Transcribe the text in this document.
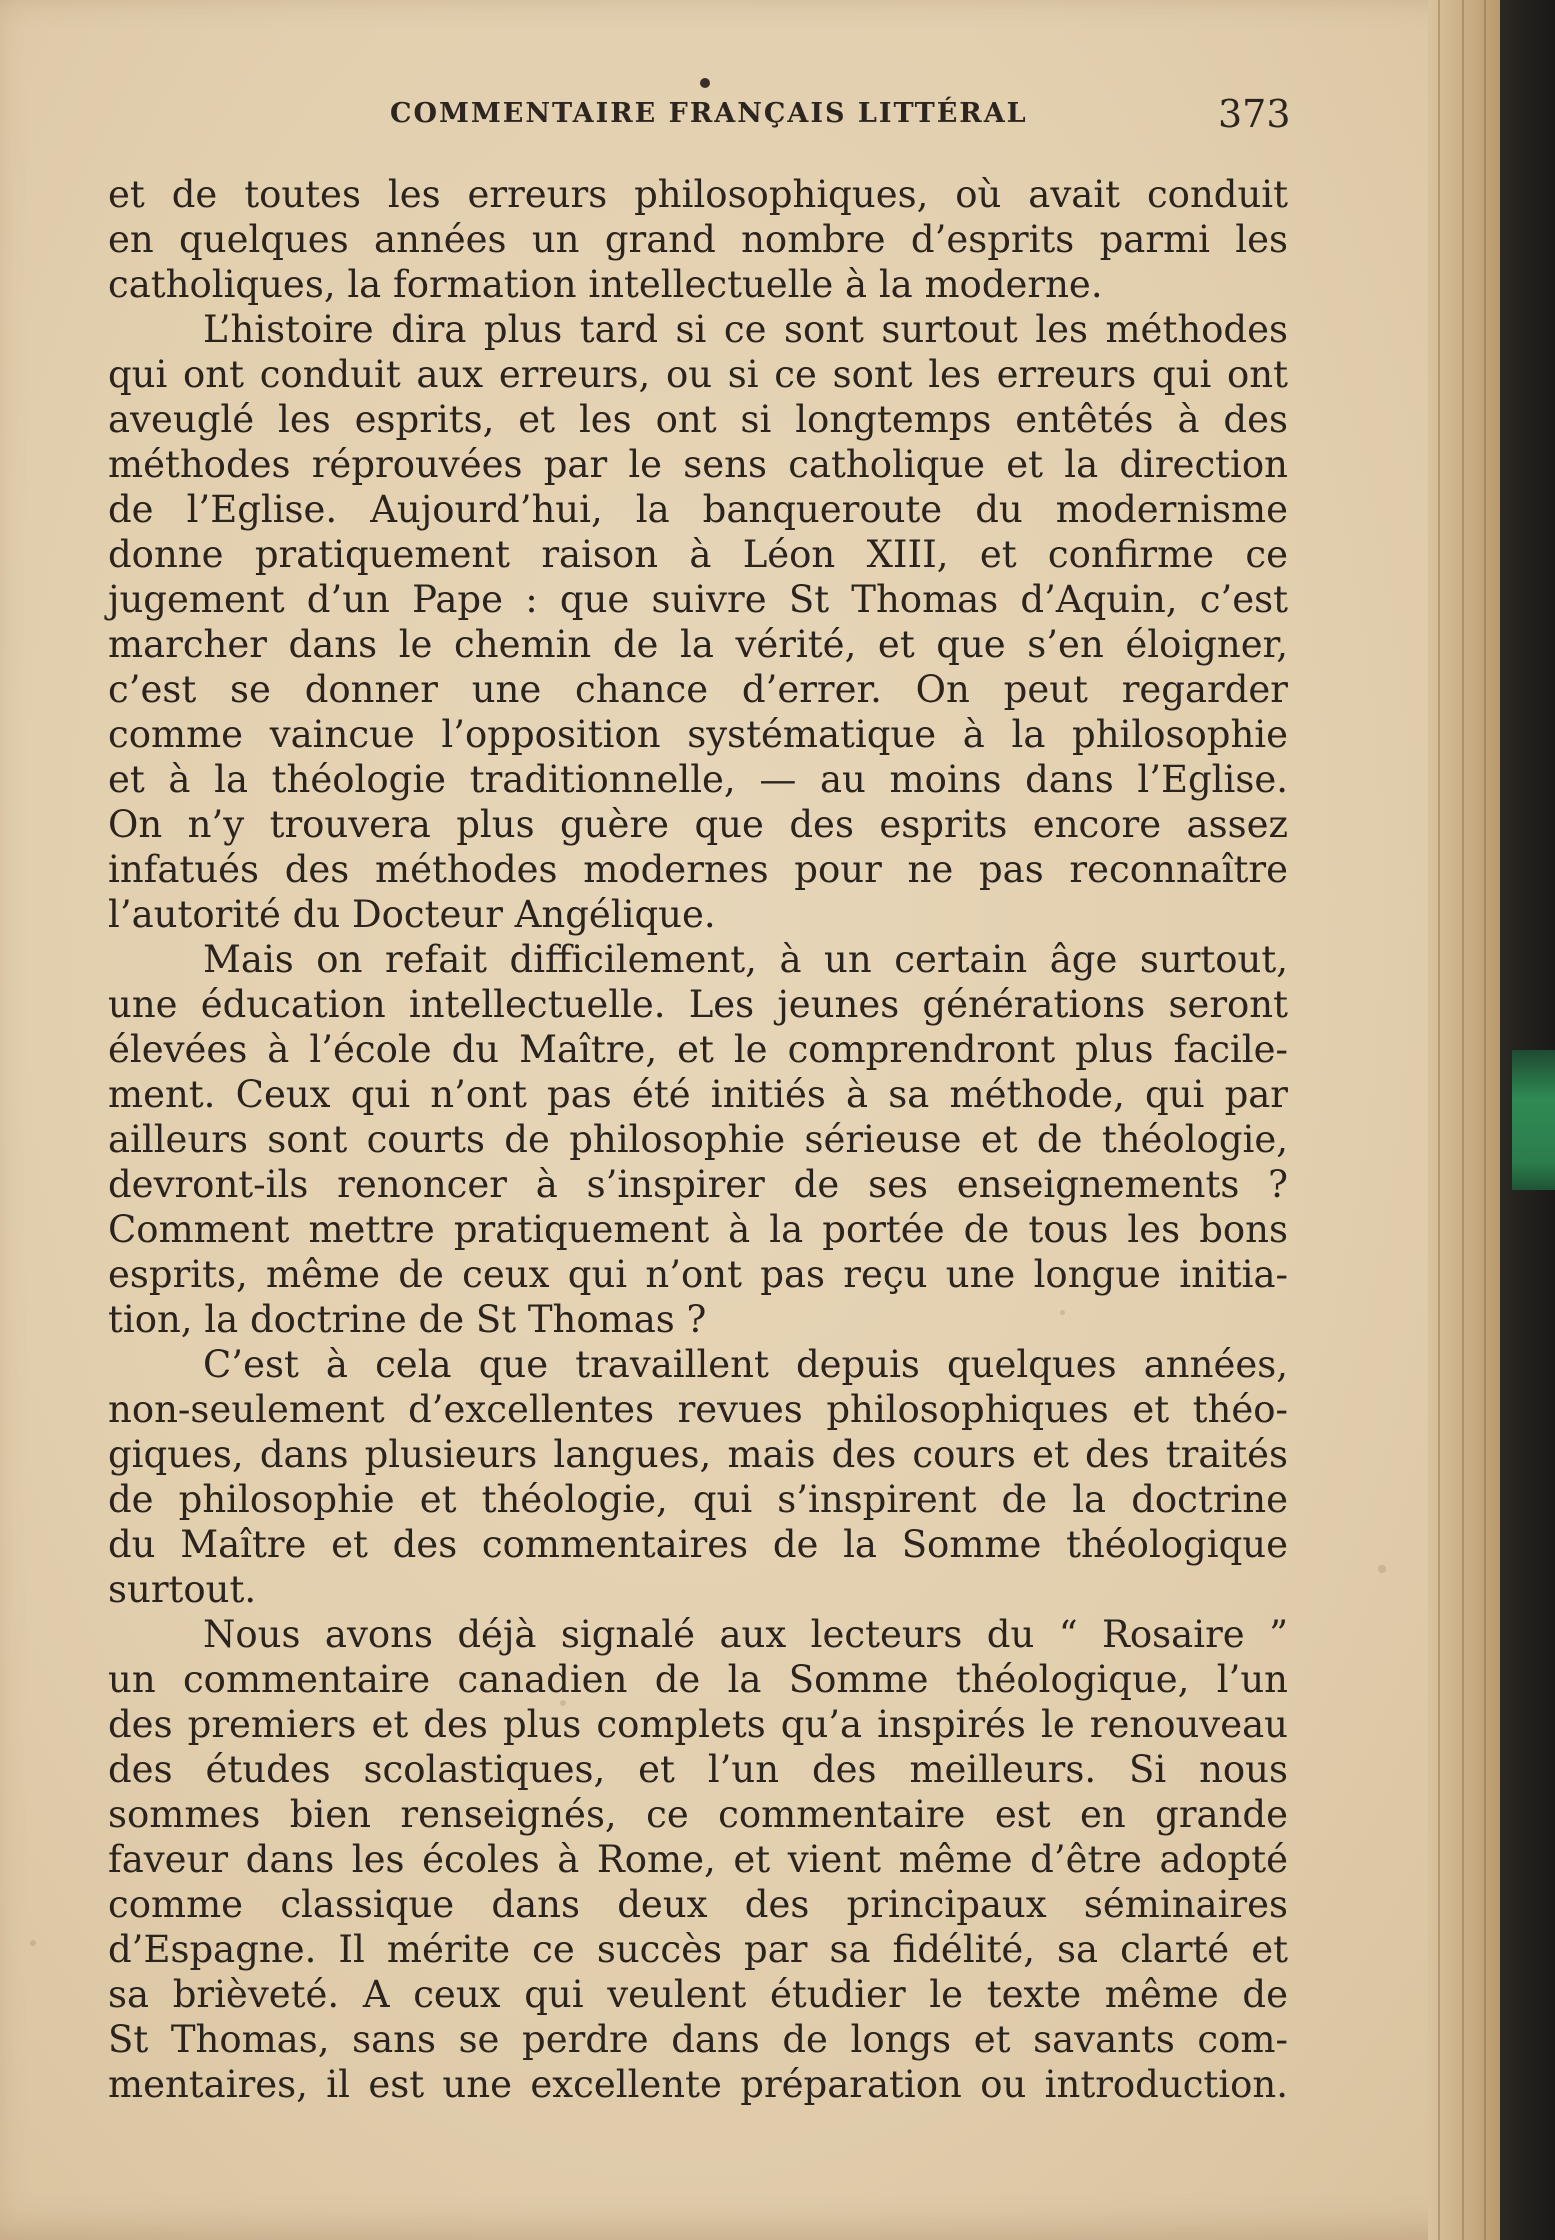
COMMENTAIRE FRANÇAIS LITTÉRAL	373
et de toutes les erreurs philosophiques, où avait conduit
en quelques années un grand nombre d’esprits parmi les
catholiques, la formation intellectuelle à la moderne.
L’histoire dira plus tard si ce sont surtout les méthodes
qui ont conduit aux erreurs, ou si ce sont les erreurs qui ont
aveuglé les esprits, et les ont si longtemps entêtés à des
méthodes réprouvées par le sens catholique et la direction
de l’Eglise. Aujourd’hui, la banqueroute du modernisme
donne pratiquement raison à Léon XIII, et confirme ce
jugement d’un Pape : que suivre St Thomas d’Aquin, c’est
marcher dans le chemin de la vérité, et que s’en éloigner,
c’est se donner une chance d’errer. On peut regarder
comme vaincue l’opposition systématique à la philosophie
et à la théologie traditionnelle, — au moins dans l’Eglise.
On n’y trouvera plus guère que des esprits encore assez
infatués des méthodes modernes pour ne pas reconnaître
l’autorité du Docteur Angélique.
Mais on refait difficilement, à un certain âge surtout,
une éducation intellectuelle. Les jeunes générations seront
élevées à l’école du Maître, et le comprendront plus facile-
ment. Ceux qui n’ont pas été initiés à sa méthode, qui par
ailleurs sont courts de philosophie sérieuse et de théologie,
devront-ils renoncer à s’inspirer de ses enseignements ?
Comment mettre pratiquement à la portée de tous les bons
esprits, même de ceux qui n’ont pas reçu une longue initia-
tion, la doctrine de St Thomas ?
C’est à cela que travaillent depuis quelques années,
non-seulement d’excellentes revues philosophiques et théo-
giques, dans plusieurs langues, mais des cours et des traités
de philosophie et théologie, qui s’inspirent de la doctrine
du Maître et des commentaires de la Somme théologique
surtout.
Nous avons déjà signalé aux lecteurs du “ Rosaire ”
un commentaire canadien de la Somme théologique, l’un
des premiers et des plus complets qu’a inspirés le renouveau
des études scolastiques, et l’un des meilleurs. Si nous
sommes bien renseignés, ce commentaire est en grande
faveur dans les écoles à Rome, et vient même d’être adopté
comme classique dans deux des principaux séminaires
d’Espagne. Il mérite ce succès par sa fidélité, sa clarté et
sa brièveté. A ceux qui veulent étudier le texte même de
St Thomas, sans se perdre dans de longs et savants com-
mentaires, il est une excellente préparation ou introduction.
